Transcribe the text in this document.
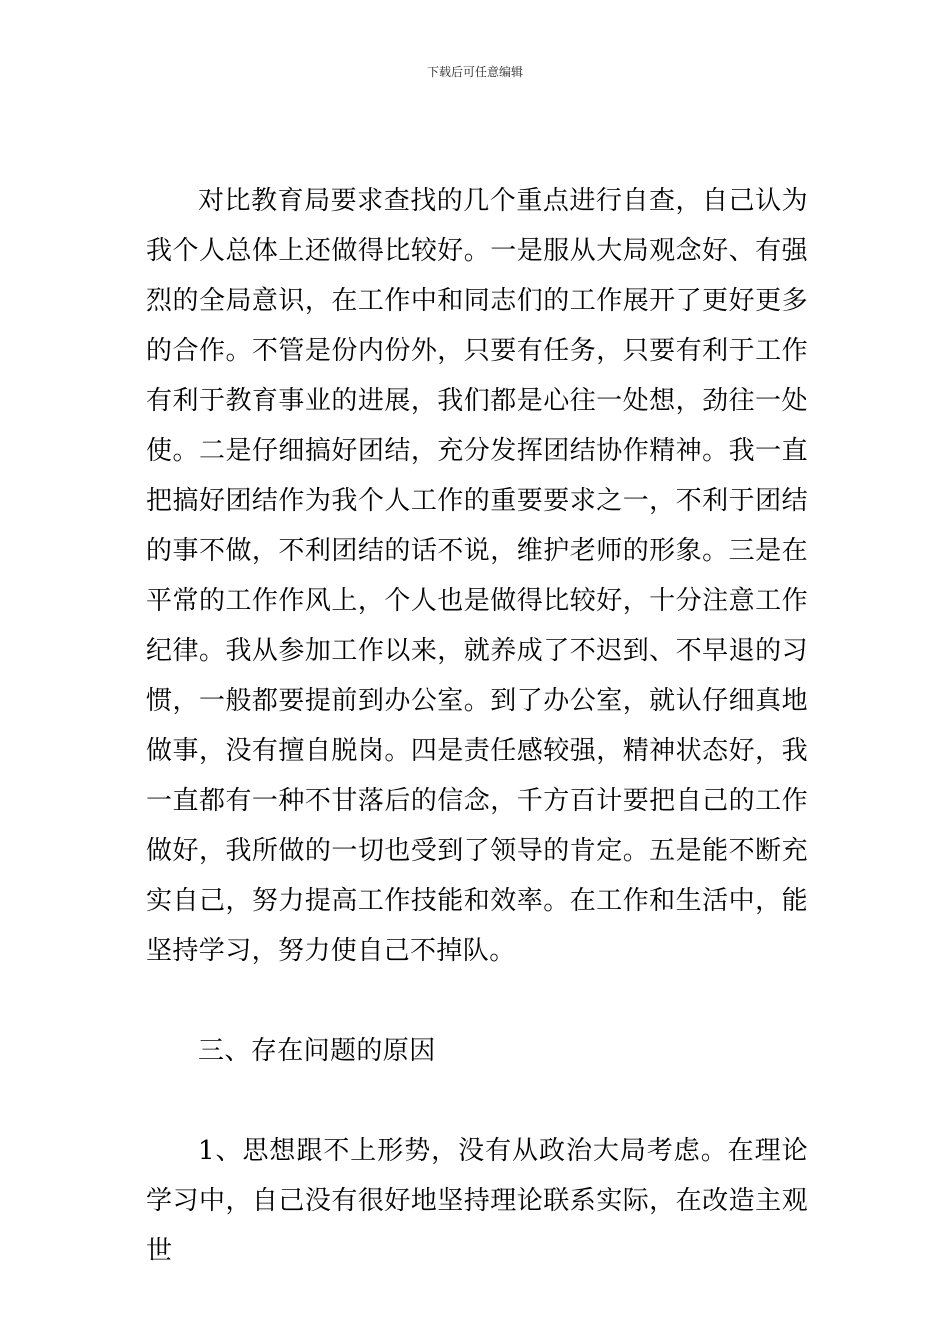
下载后可任意编辑

对比教育局要求查找的几个重点进行自查，自己认为我个人总体上还做得比较好。一是服从大局观念好、有强烈的全局意识，在工作中和同志们的工作展开了更好更多的合作。不管是份内份外，只要有任务，只要有利于工作有利于教育事业的进展，我们都是心往一处想，劲往一处使。二是仔细搞好团结，充分发挥团结协作精神。我一直把搞好团结作为我个人工作的重要要求之一，不利于团结的事不做，不利团结的话不说，维护老师的形象。三是在平常的工作作风上，个人也是做得比较好，十分注意工作纪律。我从参加工作以来，就养成了不迟到、不早退的习惯，一般都要提前到办公室。到了办公室，就认仔细真地做事，没有擅自脱岗。四是责任感较强，精神状态好，我一直都有一种不甘落后的信念，千方百计要把自己的工作做好，我所做的一切也受到了领导的肯定。五是能不断充实自己，努力提高工作技能和效率。在工作和生活中，能坚持学习，努力使自己不掉队。

三、存在问题的原因

1、思想跟不上形势，没有从政治大局考虑。在理论学习中，自己没有很好地坚持理论联系实际，在改造主观世
